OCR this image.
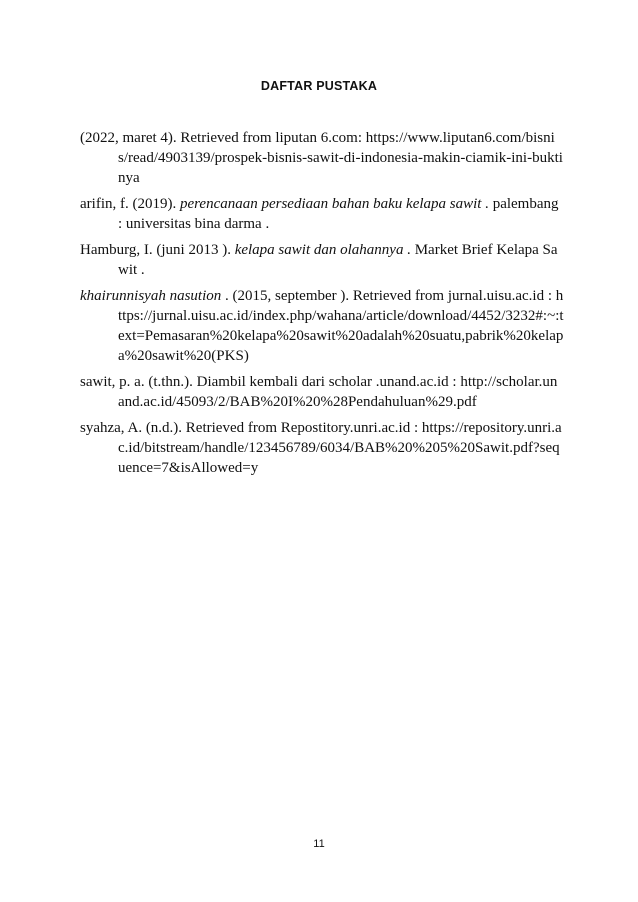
DAFTAR PUSTAKA

(2022, maret 4). Retrieved from liputan 6.com: https://www.liputan6.com/bisnis/read/4903139/prospek-bisnis-sawit-di-indonesia-makin-ciamik-ini-buktinya

arifin, f. (2019). perencanaan persediaan bahan baku kelapa sawit . palembang : universitas bina darma .

Hamburg, I. (juni 2013 ). kelapa sawit dan olahannya . Market Brief Kelapa Sawit .

khairunnisyah nasution . (2015, september ). Retrieved from jurnal.uisu.ac.id : https://jurnal.uisu.ac.id/index.php/wahana/article/download/4452/3232#:~:text=Pemasaran%20kelapa%20sawit%20adalah%20suatu,pabrik%20kelapa%20sawit%20(PKS)

sawit, p. a. (t.thn.). Diambil kembali dari scholar .unand.ac.id : http://scholar.unand.ac.id/45093/2/BAB%20I%20%28Pendahuluan%29.pdf

syahza, A. (n.d.). Retrieved from Repostitory.unri.ac.id : https://repository.unri.ac.id/bitstream/handle/123456789/6034/BAB%20%205%20Sawit.pdf?sequence=7&isAllowed=y

11
